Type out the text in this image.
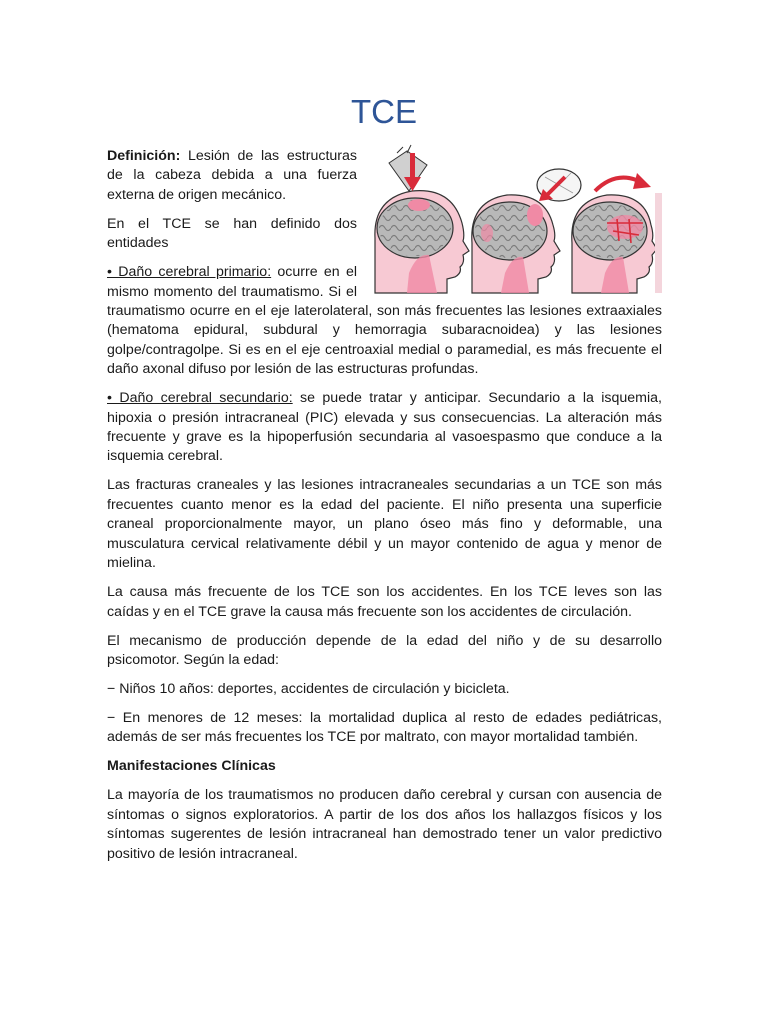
TCE

Definición: Lesión de las estructuras de la cabeza debida a una fuerza externa de origen mecánico.

En el TCE se han definido dos entidades

• Daño cerebral primario: ocurre en el mismo momento del traumatismo. Si el traumatismo ocurre en el eje laterolateral, son más frecuentes las lesiones extraaxiales (hematoma epidural, subdural y hemorragia subaracnoidea) y las lesiones golpe/contragolpe. Si es en el eje centroaxial medial o paramedial, es más frecuente el daño axonal difuso por lesión de las estructuras profundas.

• Daño cerebral secundario: se puede tratar y anticipar. Secundario a la isquemia, hipoxia o presión intracraneal (PIC) elevada y sus consecuencias. La alteración más frecuente y grave es la hipoperfusión secundaria al vasoespasmo que conduce a la isquemia cerebral.

Las fracturas craneales y las lesiones intracraneales secundarias a un TCE son más frecuentes cuanto menor es la edad del paciente. El niño presenta una superficie craneal proporcionalmente mayor, un plano óseo más fino y deformable, una musculatura cervical relativamente débil y un mayor contenido de agua y menor de mielina.

La causa más frecuente de los TCE son los accidentes. En los TCE leves son las caídas y en el TCE grave la causa más frecuente son los accidentes de circulación.

El mecanismo de producción depende de la edad del niño y de su desarrollo psicomotor. Según la edad:

− Niños 10 años: deportes, accidentes de circulación y bicicleta.

− En menores de 12 meses: la mortalidad duplica al resto de edades pediátricas, además de ser más frecuentes los TCE por maltrato, con mayor mortalidad también.

Manifestaciones Clínicas

La mayoría de los traumatismos no producen daño cerebral y cursan con ausencia de síntomas o signos exploratorios. A partir de los dos años los hallazgos físicos y los síntomas sugerentes de lesión intracraneal han demostrado tener un valor predictivo positivo de lesión intracraneal.
